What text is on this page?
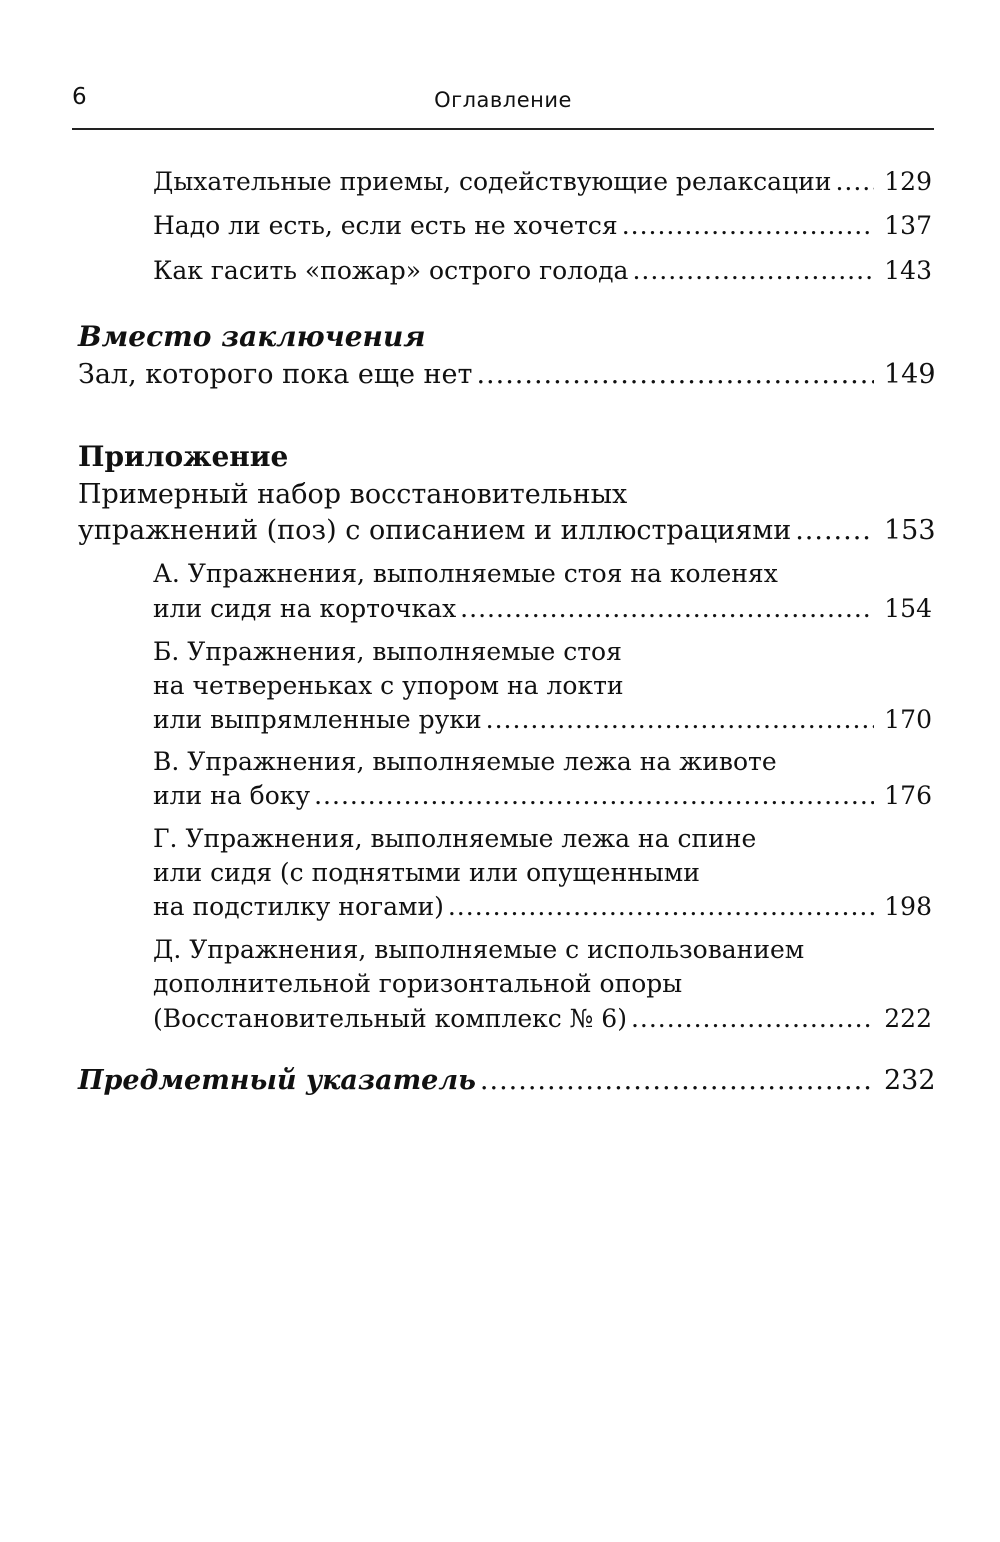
6	Оглавление
Дыхательные приемы, содействующие релаксации ..... 129
Надо ли есть, если есть не хочется .....	137
Как гасить «пожар» острого голода .....	143
Вместо заключения
Зал, которого пока еще нет .....	149
Приложение
Примерный набор восстановительных
упражнений (поз) с описанием и иллюстрациями .....	153
А. Упражнения, выполняемые стоя на коленях
или сидя на корточках .....	154
Б. Упражнения, выполняемые стоя
на четвереньках с упором на локти
или выпрямленные руки .....	170
В. Упражнения, выполняемые лежа на животе
или на боку .....	176
Г. Упражнения, выполняемые лежа на спине
или сидя (с поднятыми или опущенными
на подстилку ногами) .....	198
Д. Упражнения, выполняемые с использованием
дополнительной горизонтальной опоры
(Восстановительный комплекс № 6) .....	222
Предметный указатель .....	232
